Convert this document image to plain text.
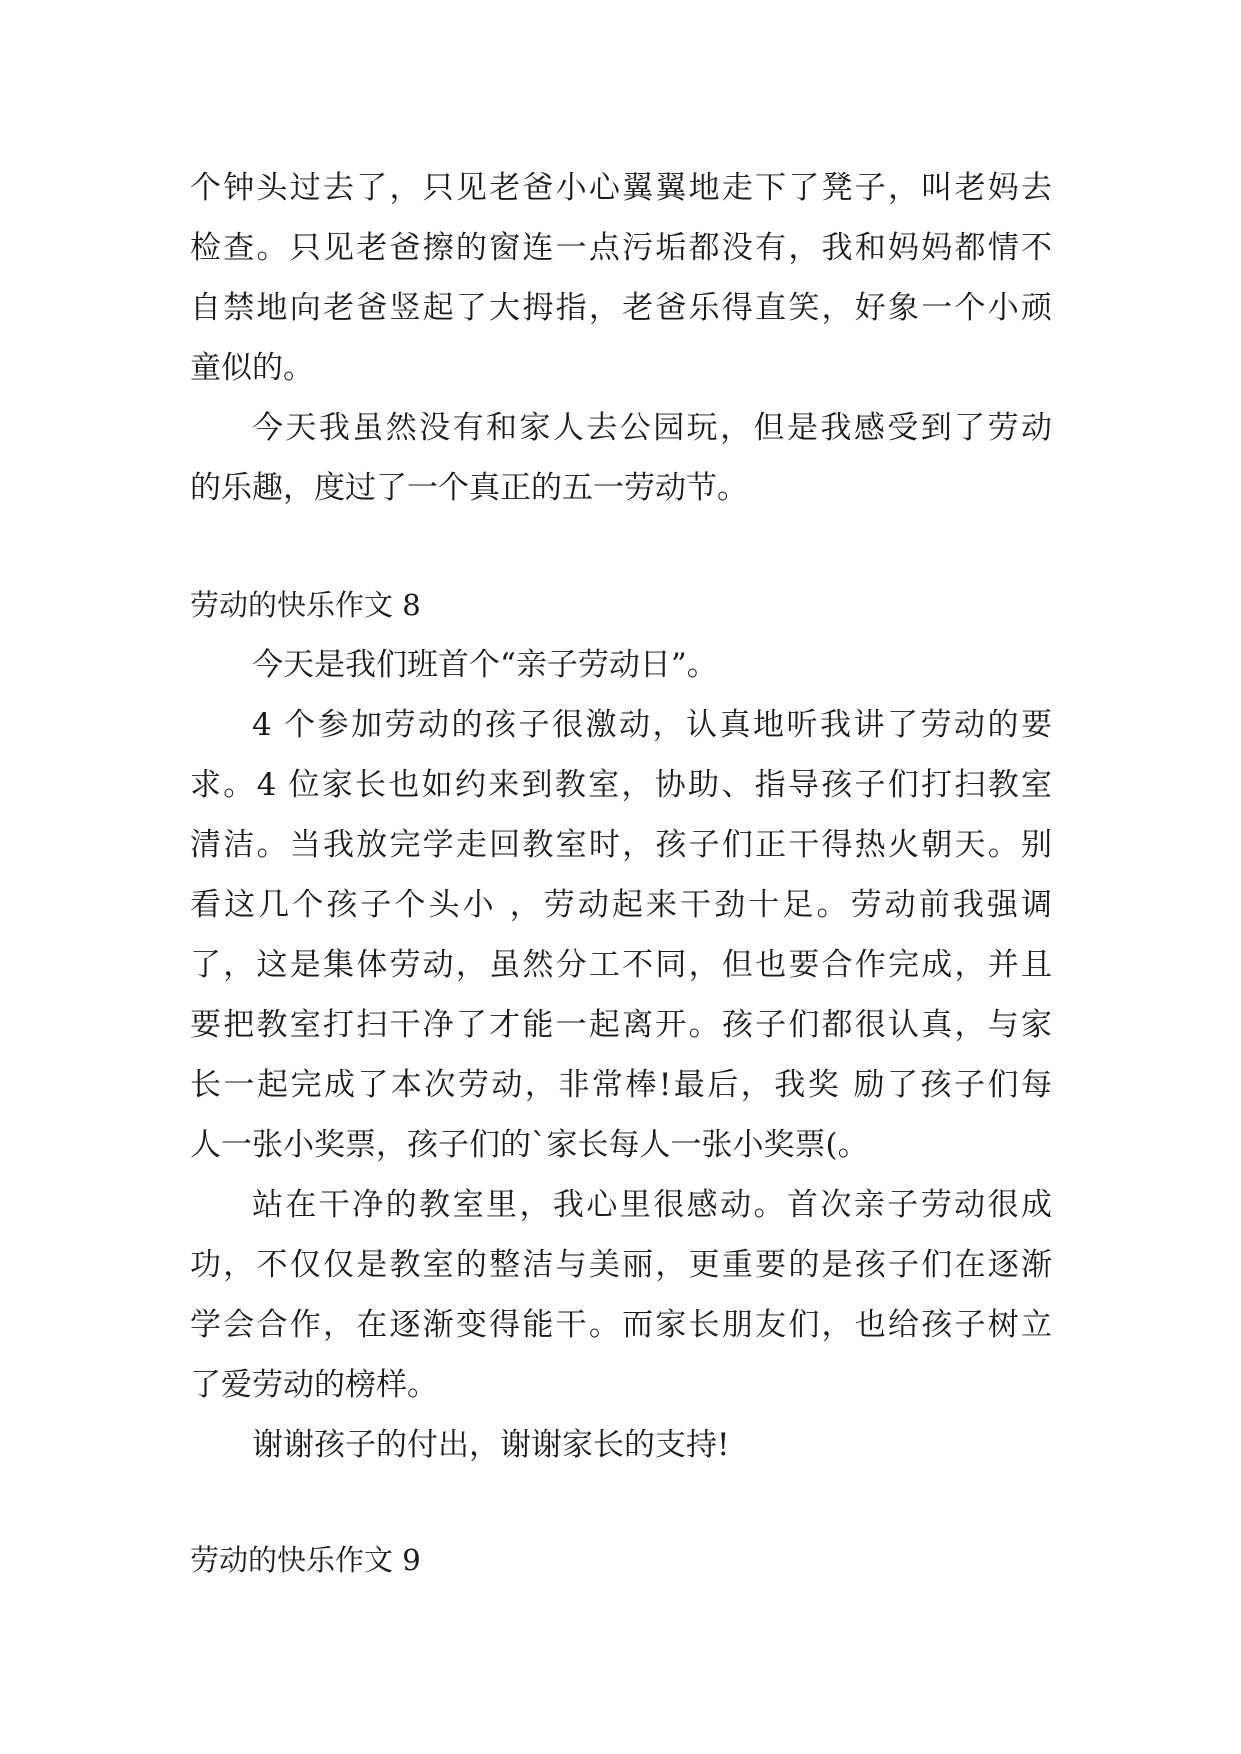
个钟头过去了，只见老爸小心翼翼地走下了凳子，叫老妈去
检查。只见老爸擦的窗连一点污垢都没有，我和妈妈都情不
自禁地向老爸竖起了大拇指，老爸乐得直笑，好象一个小顽
童似的。
今天我虽然没有和家人去公园玩，但是我感受到了劳动
的乐趣，度过了一个真正的五一劳动节。
劳动的快乐作文 8
今天是我们班首个“亲子劳动日”。
4 个参加劳动的孩子很激动，认真地听我讲了劳动的要
求。4 位家长也如约来到教室，协助、指导孩子们打扫教室
清洁。当我放完学走回教室时，孩子们正干得热火朝天。别
看这几个孩子个头小 ，劳动起来干劲十足。劳动前我强调
了，这是集体劳动，虽然分工不同，但也要合作完成，并且
要把教室打扫干净了才能一起离开。孩子们都很认真，与家
长一起完成了本次劳动，非常棒!最后，我奖 励了孩子们每
人一张小奖票，孩子们的`家长每人一张小奖票(。
站在干净的教室里，我心里很感动。首次亲子劳动很成
功，不仅仅是教室的整洁与美丽，更重要的是孩子们在逐渐
学会合作，在逐渐变得能干。而家长朋友们，也给孩子树立
了爱劳动的榜样。
谢谢孩子的付出，谢谢家长的支持!
劳动的快乐作文 9
